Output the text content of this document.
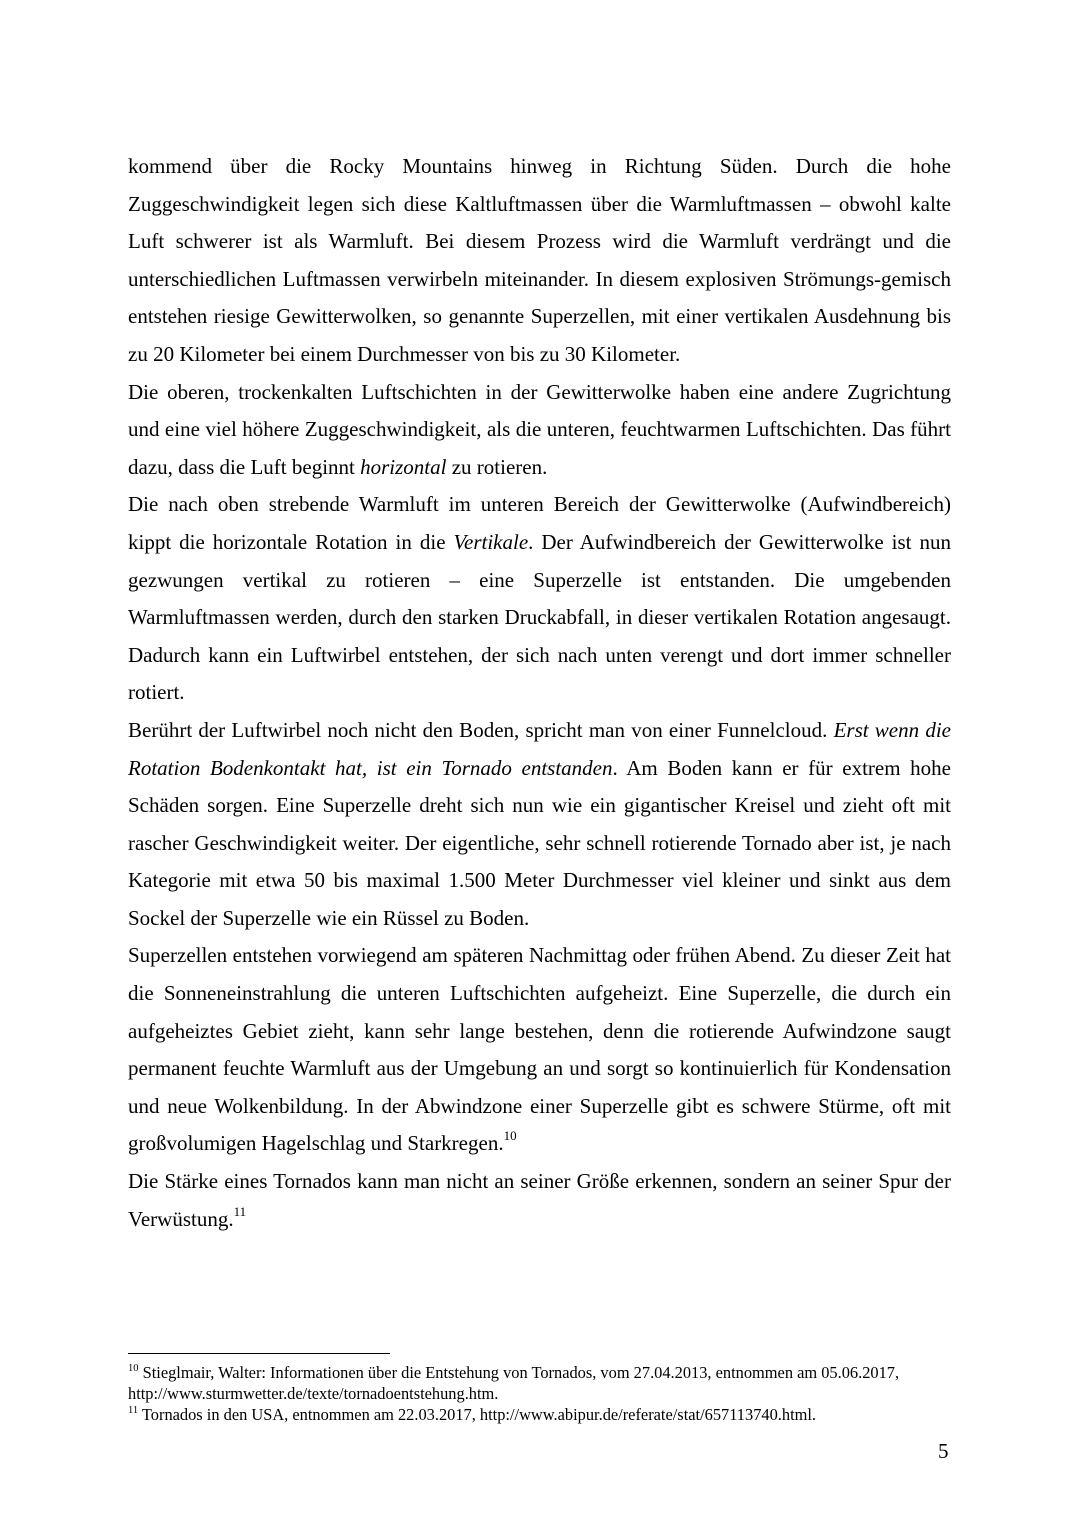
kommend über die Rocky Mountains hinweg in Richtung Süden. Durch die hohe Zuggeschwindigkeit legen sich diese Kaltluftmassen über die Warmluftmassen – obwohl kalte Luft schwerer ist als Warmluft. Bei diesem Prozess wird die Warmluft verdrängt und die unterschiedlichen Luftmassen verwirbeln miteinander. In diesem explosiven Strömungs-gemisch entstehen riesige Gewitterwolken, so genannte Superzellen, mit einer vertikalen Ausdehnung bis zu 20 Kilometer bei einem Durchmesser von bis zu 30 Kilometer.

Die oberen, trockenkalten Luftschichten in der Gewitterwolke haben eine andere Zugrichtung und eine viel höhere Zuggeschwindigkeit, als die unteren, feuchtwarmen Luftschichten. Das führt dazu, dass die Luft beginnt horizontal zu rotieren.

Die nach oben strebende Warmluft im unteren Bereich der Gewitterwolke (Aufwindbereich) kippt die horizontale Rotation in die Vertikale. Der Aufwindbereich der Gewitterwolke ist nun gezwungen vertikal zu rotieren – eine Superzelle ist entstanden. Die umgebenden Warmluftmassen werden, durch den starken Druckabfall, in dieser vertikalen Rotation angesaugt. Dadurch kann ein Luftwirbel entstehen, der sich nach unten verengt und dort immer schneller rotiert.

Berührt der Luftwirbel noch nicht den Boden, spricht man von einer Funnelcloud. Erst wenn die Rotation Bodenkontakt hat, ist ein Tornado entstanden. Am Boden kann er für extrem hohe Schäden sorgen. Eine Superzelle dreht sich nun wie ein gigantischer Kreisel und zieht oft mit rascher Geschwindigkeit weiter. Der eigentliche, sehr schnell rotierende Tornado aber ist, je nach Kategorie mit etwa 50 bis maximal 1.500 Meter Durchmesser viel kleiner und sinkt aus dem Sockel der Superzelle wie ein Rüssel zu Boden.

Superzellen entstehen vorwiegend am späteren Nachmittag oder frühen Abend. Zu dieser Zeit hat die Sonneneinstrahlung die unteren Luftschichten aufgeheizt. Eine Superzelle, die durch ein aufgeheiztes Gebiet zieht, kann sehr lange bestehen, denn die rotierende Aufwindzone saugt permanent feuchte Warmluft aus der Umgebung an und sorgt so kontinuierlich für Kondensation und neue Wolkenbildung. In der Abwindzone einer Superzelle gibt es schwere Stürme, oft mit großvolumigen Hagelschlag und Starkregen.$^{10}$

Die Stärke eines Tornados kann man nicht an seiner Größe erkennen, sondern an seiner Spur der Verwüstung.$^{11}$

$^{10}$ Stieglmair, Walter: Informationen über die Entstehung von Tornados, vom 27.04.2013, entnommen am 05.06.2017, http://www.sturmwetter.de/texte/tornadoentstehung.htm.

$^{11}$ Tornados in den USA, entnommen am 22.03.2017, http://www.abipur.de/referate/stat/657113740.html.

5
